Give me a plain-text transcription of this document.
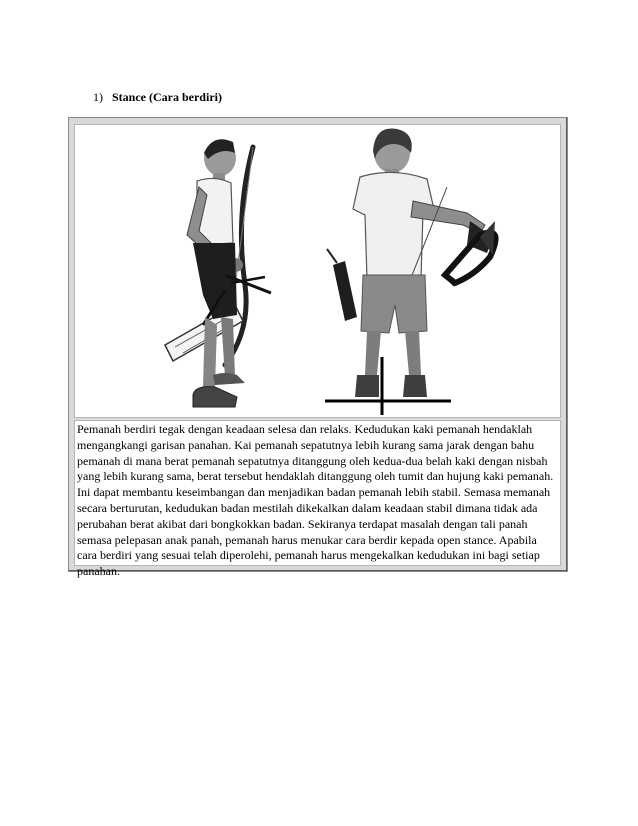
1) Stance (Cara berdiri)
Pemanah berdiri tegak dengan keadaan selesa dan relaks. Kedudukan kaki pemanah hendaklah mengangkangi garisan panahan. Kai pemanah sepatutnya lebih kurang sama jarak dengan bahu pemanah di mana berat pemanah sepatutnya ditanggung oleh kedua-dua belah kaki dengan nisbah yang lebih kurang sama, berat tersebut hendaklah ditanggung oleh tumit dan hujung kaki pemanah. Ini dapat membantu keseimbangan dan menjadikan badan pemanah lebih stabil. Semasa memanah secara berturutan, kedudukan badan mestilah dikekalkan dalam keadaan stabil dimana tidak ada perubahan berat akibat dari bongkokkan badan. Sekiranya terdapat masalah dengan tali panah semasa pelepasan anak panah, pemanah harus menukar cara berdir kepada open stance. Apabila cara berdiri yang sesuai telah diperolehi, pemanah harus mengekalkan kedudukan ini bagi setiap panahan.
